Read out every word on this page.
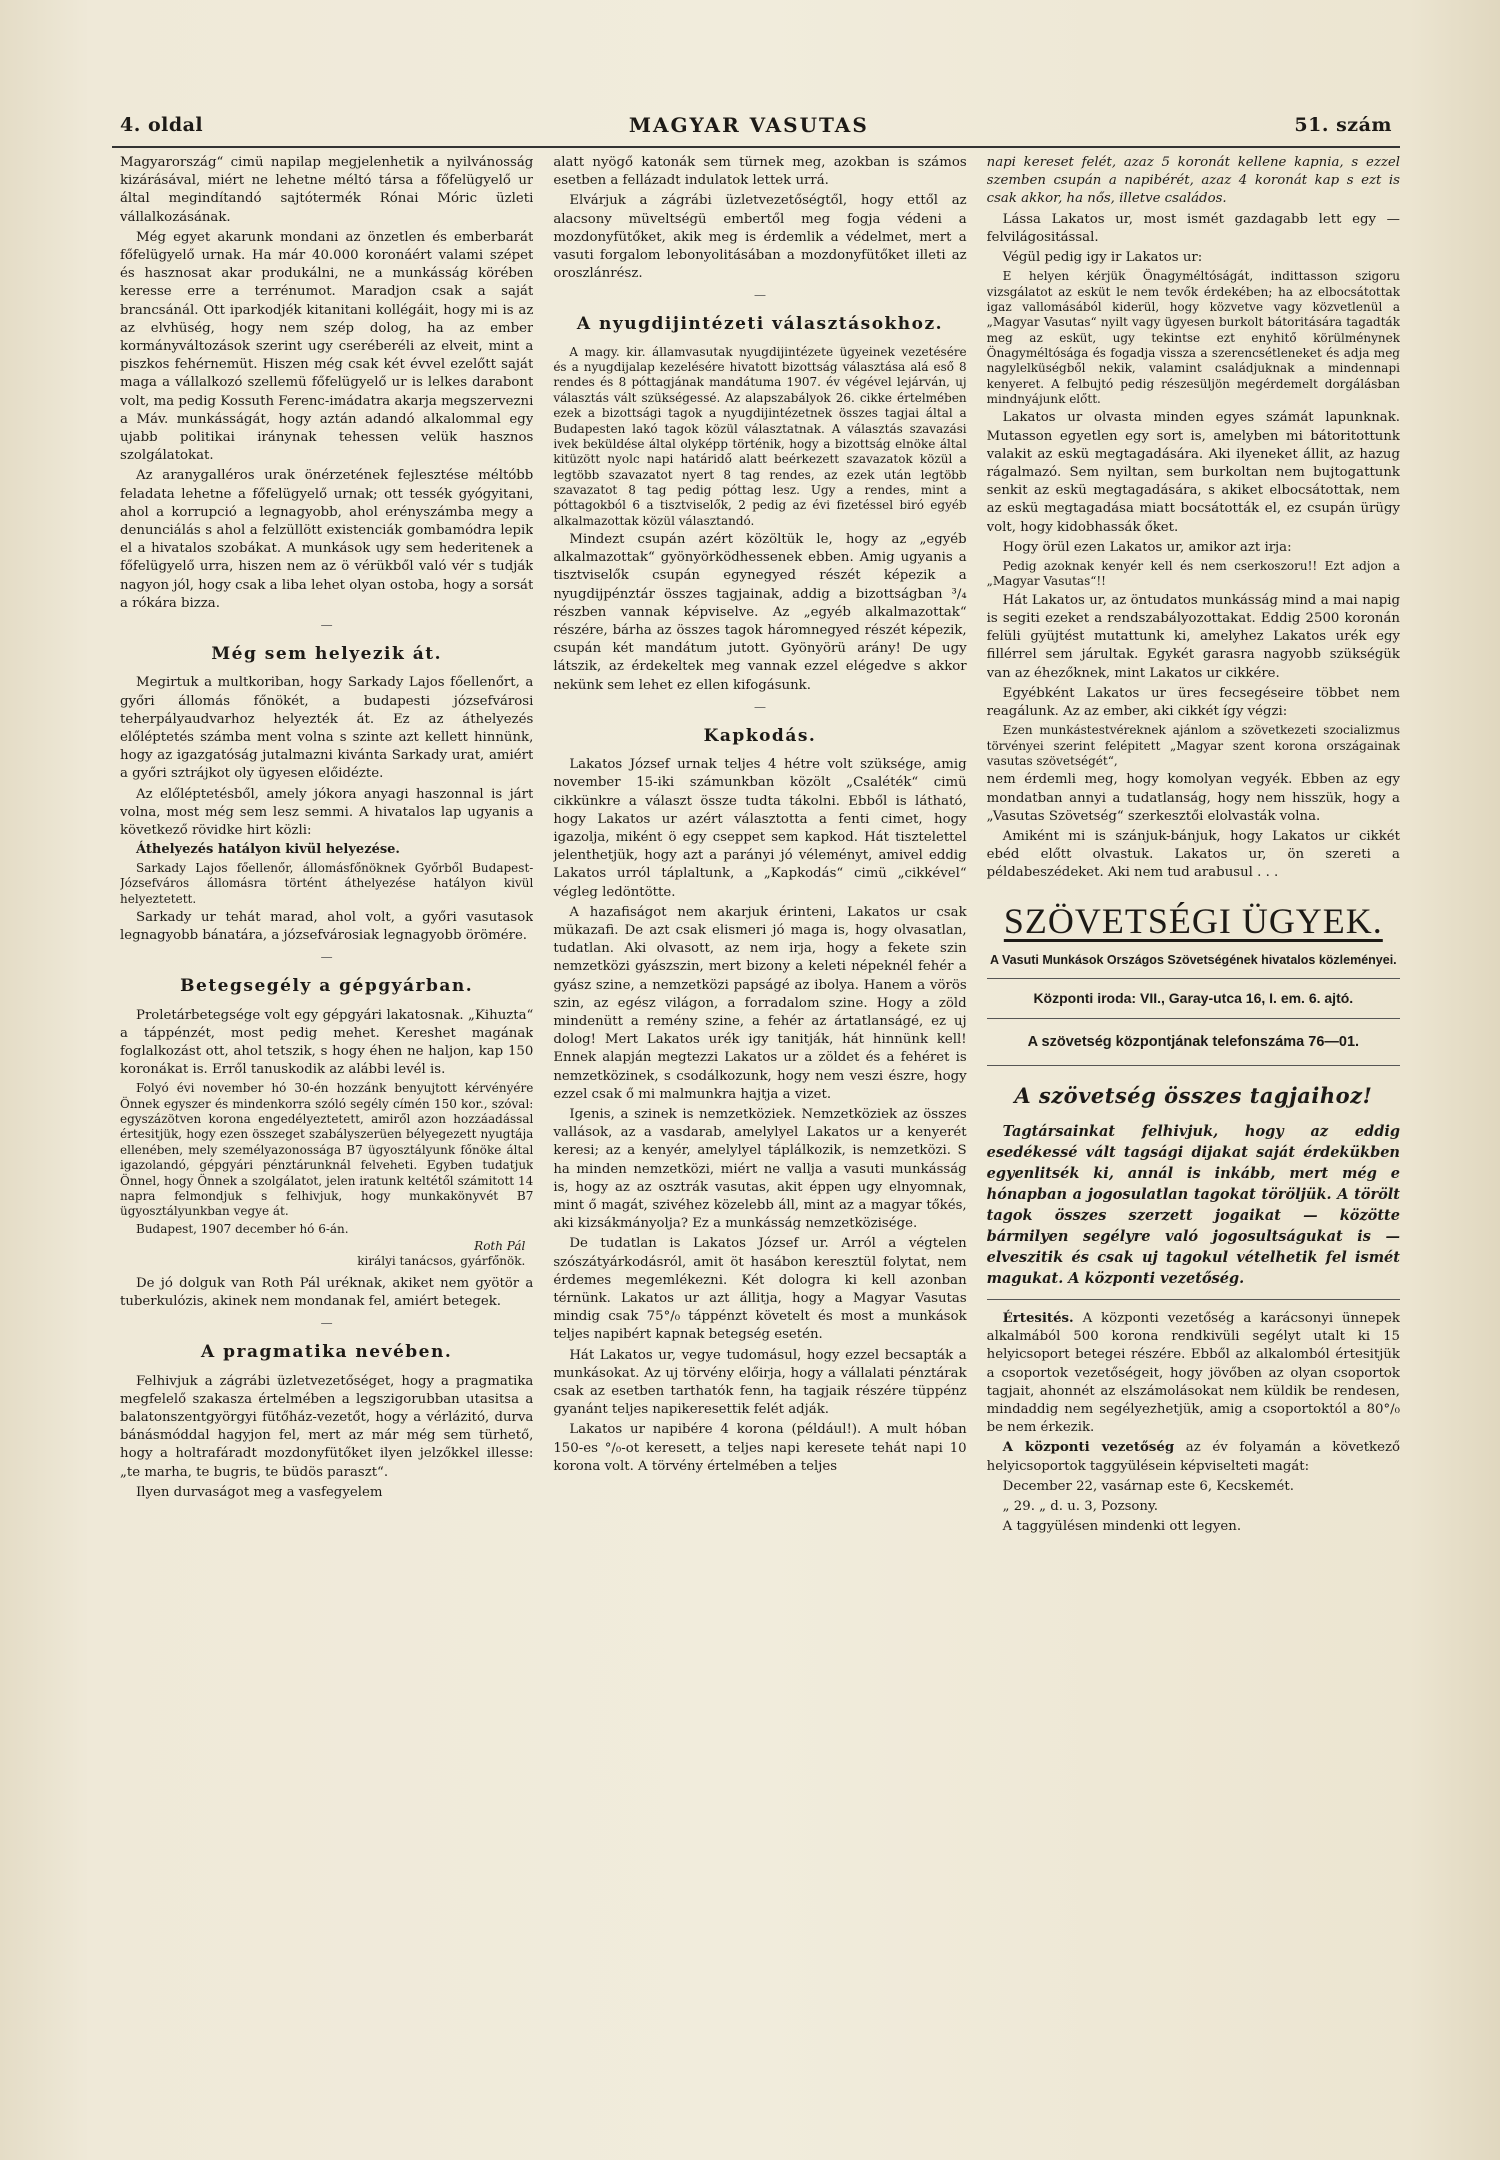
4. oldal	MAGYAR VASUTAS	51. szám

Magyarország“ cimü napilap megjelenhetik a nyilvánosság kizárásával, miért ne lehetne méltó társa a főfelügyelő ur által megindítandó sajtótermék Rónai Móric üzleti vállalkozásának.

Még egyet akarunk mondani az önzetlen és emberbarát főfelügyelő urnak. Ha már 40.000 koronáért valami szépet és hasznosat akar produkálni, ne a munkásság körében keresse erre a terrénumot. Maradjon csak a saját brancsánál. Ott iparkodjék kitanitani kollégáit, hogy mi is az az elvhüség, hogy nem szép dolog, ha az ember kormányváltozások szerint ugy cseréberéli az elveit, mint a piszkos fehérnemüt. Hiszen még csak két évvel ezelőtt saját maga a vállalkozó szellemü főfelügyelő ur is lelkes darabont volt, ma pedig Kossuth Ferenc-imádatra akarja megszervezni a Máv. munkásságát, hogy aztán adandó alkalommal egy ujabb politikai iránynak tehessen velük hasznos szolgálatokat.

Az aranygalléros urak önérzetének fejlesztése méltóbb feladata lehetne a főfelügyelő urnak; ott tessék gyógyitani, ahol a korrupció a legnagyobb, ahol erényszámba megy a denunciálás s ahol a felzüllött existenciák gombamódra lepik el a hivatalos szobákat. A munkások ugy sem hederitenek a főfelügyelő urra, hiszen nem az ö vérükből való vér s tudják nagyon jól, hogy csak a liba lehet olyan ostoba, hogy a sorsát a rókára bizza.

—
Még sem helyezik át.

Megirtuk a multkoriban, hogy Sarkady Lajos főellenőrt, a győri állomás főnökét, a budapesti józsefvárosi teherpályaudvarhoz helyezték át. Ez az áthelyezés előléptetés számba ment volna s szinte azt kellett hinnünk, hogy az igazgatóság jutalmazni kivánta Sarkady urat, amiért a győri sztrájkot oly ügyesen előidézte.

Az előléptetésből, amely jókora anyagi haszonnal is járt volna, most még sem lesz semmi. A hivatalos lap ugyanis a következő rövidke hirt közli:

Áthelyezés hatályon kivül helyezése.

Sarkady Lajos főellenőr, állomásfőnöknek Győrből Budapest-Józsefváros állomásra történt áthelyezése hatályon kivül helyeztetett.

Sarkady ur tehát marad, ahol volt, a győri vasutasok legnagyobb bánatára, a józsefvárosiak legnagyobb örömére.

—
Betegsegély a gépgyárban.

Proletárbetegsége volt egy gépgyári lakatosnak. „Kihuzta“ a táppénzét, most pedig mehet. Kereshet magának foglalkozást ott, ahol tetszik, s hogy éhen ne haljon, kap 150 koronákat is. Erről tanuskodik az alábbi levél is.

Folyó évi november hó 30-én hozzánk benyujtott kérvényére Önnek egyszer és mindenkorra szóló segély címén 150 kor., szóval: egyszázötven korona engedélyeztetett, amiről azon hozzáadással értesitjük, hogy ezen összeget szabályszerüen bélyegezett nyugtája ellenében, mely személyazonossága B7 ügyosztályunk főnöke által igazolandó, gépgyári pénztárunknál felveheti. Egyben tudatjuk Önnel, hogy Önnek a szolgálatot, jelen iratunk keltétől számitott 14 napra felmondjuk s felhivjuk, hogy munkakönyvét B7 ügyosztályunkban vegye át.

Budapest, 1907 december hó 6-án.

Roth Pál
királyi tanácsos, gyárfőnök.

De jó dolguk van Roth Pál uréknak, akiket nem gyötör a tuberkulózis, akinek nem mondanak fel, amiért betegek.

—
A pragmatika nevében.

Felhivjuk a zágrábi üzletvezetőséget, hogy a pragmatika megfelelő szakasza értelmében a legszigorubban utasitsa a balatonszentgyörgyi fütőház-vezetőt, hogy a vérlázitó, durva bánásmóddal hagyjon fel, mert az már még sem türhető, hogy a holtrafáradt mozdonyfütőket ilyen jelzőkkel illesse: „te marha, te bugris, te büdös paraszt“.

Ilyen durvaságot meg a vasfegyelem

alatt nyögő katonák sem türnek meg, azokban is számos esetben a fellázadt indulatok lettek urrá.

Elvárjuk a zágrábi üzletvezetőségtől, hogy ettől az alacsony müveltségü embertől meg fogja védeni a mozdonyfütőket, akik meg is érdemlik a védelmet, mert a vasuti forgalom lebonyolitásában a mozdonyfütőket illeti az oroszlánrész.

—
A nyugdijintézeti választásokhoz.

A magy. kir. államvasutak nyugdijintézete ügyeinek vezetésére és a nyugdijalap kezelésére hivatott bizottság választása alá eső 8 rendes és 8 póttagjának mandátuma 1907. év végével lejárván, uj választás vált szükségessé. Az alapszabályok 26. cikke értelmében ezek a bizottsági tagok a nyugdijintézetnek összes tagjai által a Budapesten lakó tagok közül választatnak. A választás szavazási ivek beküldése által olyképp történik, hogy a bizottság elnöke által kitüzött nyolc napi határidő alatt beérkezett szavazatok közül a legtöbb szavazatot nyert 8 tag rendes, az ezek után legtöbb szavazatot 8 tag pedig póttag lesz. Ugy a rendes, mint a póttagokból 6 a tisztviselők, 2 pedig az évi fizetéssel biró egyéb alkalmazottak közül választandó.

Mindezt csupán azért közöltük le, hogy az „egyéb alkalmazottak“ gyönyörködhessenek ebben. Amig ugyanis a tisztviselők csupán egynegyed részét képezik a nyugdijpénztár összes tagjainak, addig a bizottságban ³/₄ részben vannak képviselve. Az „egyéb alkalmazottak“ részére, bárha az összes tagok háromnegyed részét képezik, csupán két mandátum jutott. Gyönyörü arány! De ugy látszik, az érdekeltek meg vannak ezzel elégedve s akkor nekünk sem lehet ez ellen kifogásunk.

—
Kapkodás.

Lakatos József urnak teljes 4 hétre volt szüksége, amig november 15-iki számunkban közölt „Csaléték“ cimü cikkünkre a választ össze tudta tákolni. Ebből is látható, hogy Lakatos ur azért választotta a fenti cimet, hogy igazolja, miként ö egy cseppet sem kapkod. Hát tisztelettel jelenthetjük, hogy azt a parányi jó véleményt, amivel eddig Lakatos urról táplaltunk, a „Kapkodás“ cimü „cikkével“ végleg ledöntötte.

A hazafiságot nem akarjuk érinteni, Lakatos ur csak mükazafi. De azt csak elismeri jó maga is, hogy olvasatlan, tudatlan. Aki olvasott, az nem irja, hogy a fekete szin nemzetközi gyászszin, mert bizony a keleti népeknél fehér a gyász szine, a nemzetközi papságé az ibolya. Hanem a vörös szin, az egész világon, a forradalom szine. Hogy a zöld mindenütt a remény szine, a fehér az ártatlanságé, ez uj dolog! Mert Lakatos urék igy tanitják, hát hinnünk kell! Ennek alapján megtezzi Lakatos ur a zöldet és a fehéret is nemzetközinek, s csodálkozunk, hogy nem veszi észre, hogy ezzel csak ő mi malmunkra hajtja a vizet.

Igenis, a szinek is nemzetköziek. Nemzetköziek az összes vallások, az a vasdarab, amelylyel Lakatos ur a kenyerét keresi; az a kenyér, amelylyel táplálkozik, is nemzetközi. S ha minden nemzetközi, miért ne vallja a vasuti munkásság is, hogy az az osztrák vasutas, akit éppen ugy elnyomnak, mint ő magát, szivéhez közelebb áll, mint az a magyar tőkés, aki kizsákmányolja? Ez a munkásság nemzetközisége.

De tudatlan is Lakatos József ur. Arról a végtelen szószátyárkodásról, amit öt hasábon keresztül folytat, nem érdemes megemlékezni. Két dologra ki kell azonban térnünk. Lakatos ur azt állitja, hogy a Magyar Vasutas mindig csak 75°/₀ táppénzt követelt és most a munkások teljes napibért kapnak betegség esetén.

Hát Lakatos ur, vegye tudomásul, hogy ezzel becsapták a munkásokat. Az uj törvény előirja, hogy a vállalati pénztárak csak az esetben tarthatók fenn, ha tagjaik részére tüppénz gyanánt teljes napikeresettik felét adják.

Lakatos ur napibére 4 korona (például!). A mult hóban 150-es °/₀-ot keresett, a teljes napi keresete tehát napi 10 korona volt. A törvény értelmében a teljes

napi kereset felét, azaz 5 koronát kellene kapnia, s ezzel szemben csupán a napibérét, azaz 4 koronát kap s ezt is csak akkor, ha nős, illetve családos.

Lássa Lakatos ur, most ismét gazdagabb lett egy — felvilágositással.

Végül pedig igy ir Lakatos ur:

E helyen kérjük Önagyméltóságát, indittasson szigoru vizsgálatot az esküt le nem tevők érdekében; ha az elbocsátottak igaz vallomásából kiderül, hogy közvetve vagy közvetlenül a „Magyar Vasutas“ nyilt vagy ügyesen burkolt bátoritására tagadták meg az esküt, ugy tekintse ezt enyhitő körülménynek Önagyméltósága és fogadja vissza a szerencsétleneket és adja meg nagylelküségből nekik, valamint családjuknak a mindennapi kenyeret. A felbujtó pedig részesüljön megérdemelt dorgálásban mindnyájunk előtt.

Lakatos ur olvasta minden egyes számát lapunknak. Mutasson egyetlen egy sort is, amelyben mi bátoritottunk valakit az eskü megtagadására. Aki ilyeneket állit, az hazug rágalmazó. Sem nyiltan, sem burkoltan nem bujtogattunk senkit az eskü megtagadására, s akiket elbocsátottak, nem az eskü megtagadása miatt bocsátották el, ez csupán ürügy volt, hogy kidobhassák őket.

Hogy örül ezen Lakatos ur, amikor azt irja:

Pedig azoknak kenyér kell és nem cserkoszoru!! Ezt adjon a „Magyar Vasutas“!!

Hát Lakatos ur, az öntudatos munkásság mind a mai napig is segiti ezeket a rendszabályozottakat. Eddig 2500 koronán felüli gyüjtést mutattunk ki, amelyhez Lakatos urék egy fillérrel sem járultak. Egykét garasra nagyobb szükségük van az éhezőknek, mint Lakatos ur cikkére.

Egyébként Lakatos ur üres fecsegéseire többet nem reagálunk. Az az ember, aki cikkét így végzi:

Ezen munkástestvéreknek ajánlom a szövetkezeti szocializmus törvényei szerint felépitett „Magyar szent korona országainak vasutas szövetségét“,

nem érdemli meg, hogy komolyan vegyék. Ebben az egy mondatban annyi a tudatlanság, hogy nem hisszük, hogy a „Vasutas Szövetség“ szerkesztői elolvasták volna.

Amiként mi is szánjuk-bánjuk, hogy Lakatos ur cikkét ebéd előtt olvastuk. Lakatos ur, ön szereti a példabeszédeket. Aki nem tud arabusul . . .

SZÖVETSÉGI ÜGYEK.
A Vasuti Munkások Országos Szövetségének hivatalos közleményei.
Központi iroda: VII., Garay-utca 16, I. em. 6. ajtó.
A szövetség központjának telefonszáma 76—01.
A szövetség összes tagjaihoz!

Tagtársainkat felhivjuk, hogy az eddig esedékessé vált tagsági dijakat saját érdekükben egyenlitsék ki, annál is inkább, mert még e hónapban a jogosulatlan tagokat töröljük. A törölt tagok összes szerzett jogaikat — közötte bármilyen segélyre való jogosultságukat is — elveszitik és csak uj tagokul vételhetik fel ismét magukat. A központi vezetőség.

Értesités. A központi vezetőség a karácsonyi ünnepek alkalmából 500 korona rendkivüli segélyt utalt ki 15 helyicsoport betegei részére. Ebből az alkalomból értesitjük a csoportok vezetőségeit, hogy jövőben az olyan csoportok tagjait, ahonnét az elszámolásokat nem küldik be rendesen, mindaddig nem segélyezhetjük, amig a csoportoktól a 80°/₀ be nem érkezik.

A központi vezetőség az év folyamán a következő helyicsoportok taggyülésein képviselteti magát:

December 22, vasárnap este 6, Kecskemét.

„ 29. „ d. u. 3, Pozsony.

A taggyülésen mindenki ott legyen.
